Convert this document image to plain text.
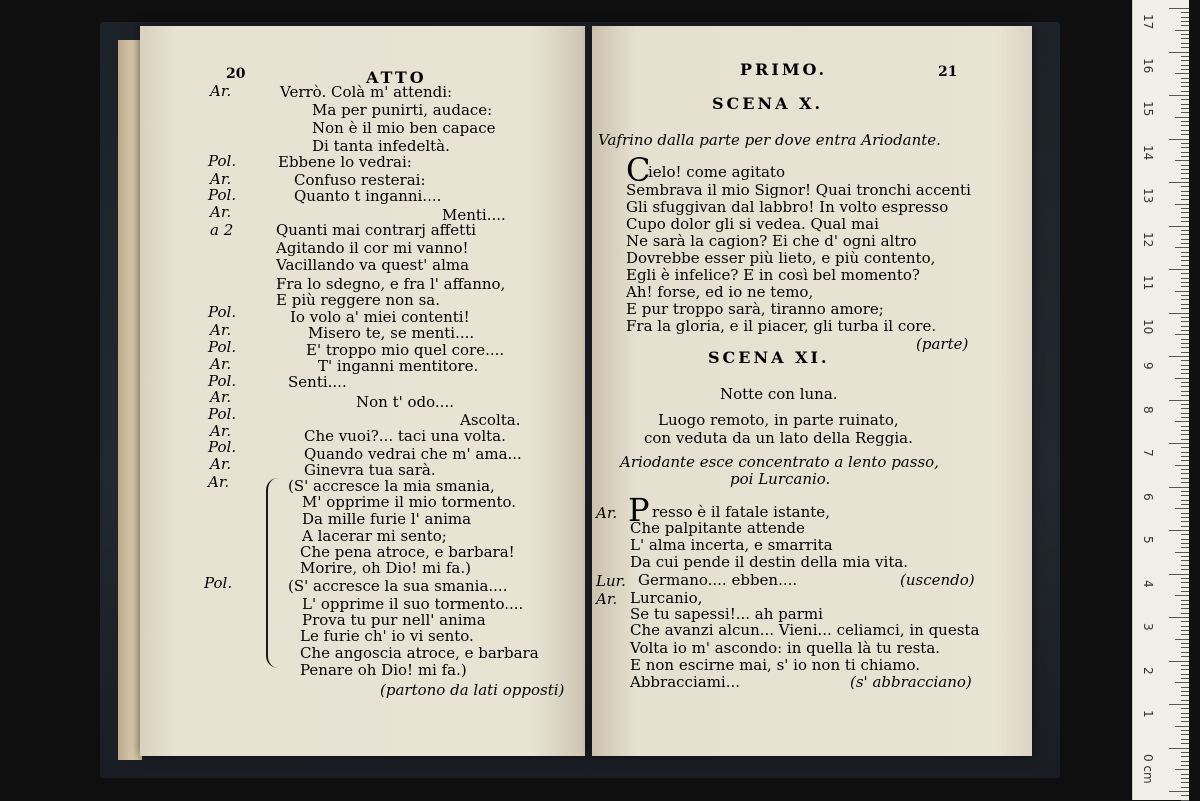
20	ATTO
Ar.
Pol.
Ar.
Pol.
Ar.
a 2
Pol.
Ar.
Pol.
Ar.
Pol.
Ar.
Pol.
Ar.
Pol.
Ar.
Ar.
Pol.
Verrò. Colà m' attendi:
Ma per punirti, audace:
Non è il mio ben capace
Di tanta infedeltà.
Ebbene lo vedrai:
Confuso resterai:
Quanto t inganni....
Menti....
Quanti mai contrarj affetti
Agitando il cor mi vanno!
Vacillando va quest' alma
Fra lo sdegno, e fra l' affanno,
E più reggere non sa.
Io volo a' miei contenti!
Misero te, se menti....
E' troppo mio quel core....
T' inganni mentitore.
Senti....
Non t' odo....
Ascolta.
Che vuoi?... taci una volta.
Quando vedrai che m' ama...
Ginevra tua sarà.
(S' accresce la mia smania,
M' opprime il mio tormento.
Da mille furie l' anima
A lacerar mi sento;
Che pena atroce, e barbara!
Morire, oh Dio! mi fa.)
(S' accresce la sua smania....
L' opprime il suo tormento....
Prova tu pur nell' anima
Le furie ch' io vi sento.
Che angoscia atroce, e barbara
Penare oh Dio! mi fa.)
(partono da lati opposti)
PRIMO.	21
SCENA X.
Vafrino dalla parte per dove entra Ariodante.
C
ielo! come agitato
Sembrava il mio Signor! Quai tronchi accenti
Gli sfuggivan dal labbro! In volto espresso
Cupo dolor gli si vedea. Qual mai
Ne sarà la cagion? Ei che d' ogni altro
Dovrebbe esser più lieto, e più contento,
Egli è infelice? E in così bel momento?
Ah! forse, ed io ne temo,
E pur troppo sarà, tiranno amore;
Fra la gloria, e il piacer, gli turba il core.
(parte)
SCENA XI.
Notte con luna.
Luogo remoto, in parte ruinato,
con veduta da un lato della Reggia.
Ariodante esce concentrato a lento passo,
poi Lurcanio.
Ar.
Lur.
Ar.
P resso è il fatale istante,
Che palpitante attende
L' alma incerta, e smarrita
Da cui pende il destin della mia vita.
Germano.... ebben....
Lurcanio,
Se tu sapessi!... ah parmi
Che avanzi alcun... Vieni... celiamci, in questa
Volta io m' ascondo: in quella là tu resta.
E non escirne mai, s' io non ti chiamo.
Abbracciami...
(uscendo)
(s' abbracciano)
17
16
15
14
13
12
11
10
9
8
7
6
5
4
3
2
1
0 cm
